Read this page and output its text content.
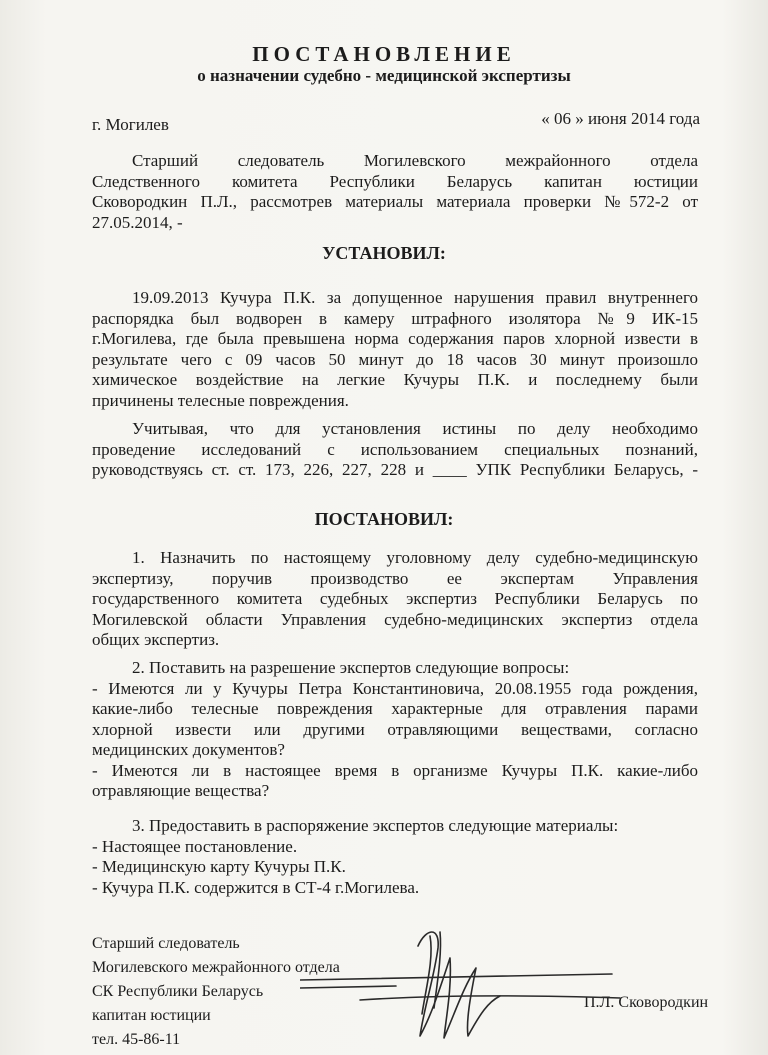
ПОСТАНОВЛЕНИЕ
о назначении судебно - медицинской экспертизы
г. Могилев	« 06 » июня 2014 года
Старший следователь Могилевского межрайонного отдела
Следственного комитета Республики Беларусь капитан юстиции
Сковородкин П.Л., рассмотрев материалы материала проверки №572-2 от
27.05.2014, -
УСТАНОВИЛ:
19.09.2013 Кучура П.К. за допущенное нарушения правил внутреннего
распорядка был водворен в камеру штрафного изолятора №9 ИК-15
г.Могилева, где была превышена норма содержания паров хлорной извести в
результате чего с 09 часов 50 минут до 18 часов 30 минут произошло
химическое воздействие на легкие Кучуры П.К. и последнему были
причинены телесные повреждения.
Учитывая, что для установления истины по делу необходимо
проведение исследований с использованием специальных познаний,
руководствуясь ст. ст. 173, 226, 227, 228 и ____ УПК Республики Беларусь, -
ПОСТАНОВИЛ:
1. Назначить по настоящему уголовному делу судебно-медицинскую
экспертизу, поручив производство ее экспертам Управления
государственного комитета судебных экспертиз Республики Беларусь по
Могилевской области Управления судебно-медицинских экспертиз отдела
общих экспертиз.
2. Поставить на разрешение экспертов следующие вопросы:
- Имеются ли у Кучуры Петра Константиновича, 20.08.1955 года рождения,
какие-либо телесные повреждения характерные для отравления парами
хлорной извести или другими отравляющими веществами, согласно
медицинских документов?
- Имеются ли в настоящее время в организме Кучуры П.К. какие-либо
отравляющие вещества?
3. Предоставить в распоряжение экспертов следующие материалы:
- Настоящее постановление.
- Медицинскую карту Кучуры П.К.
- Кучура П.К. содержится в СТ-4 г.Могилева.
Старший следователь
Могилевского межрайонного отдела
СК Республики Беларусь
капитан юстиции
тел. 45-86-11
П.Л. Сковородкин
